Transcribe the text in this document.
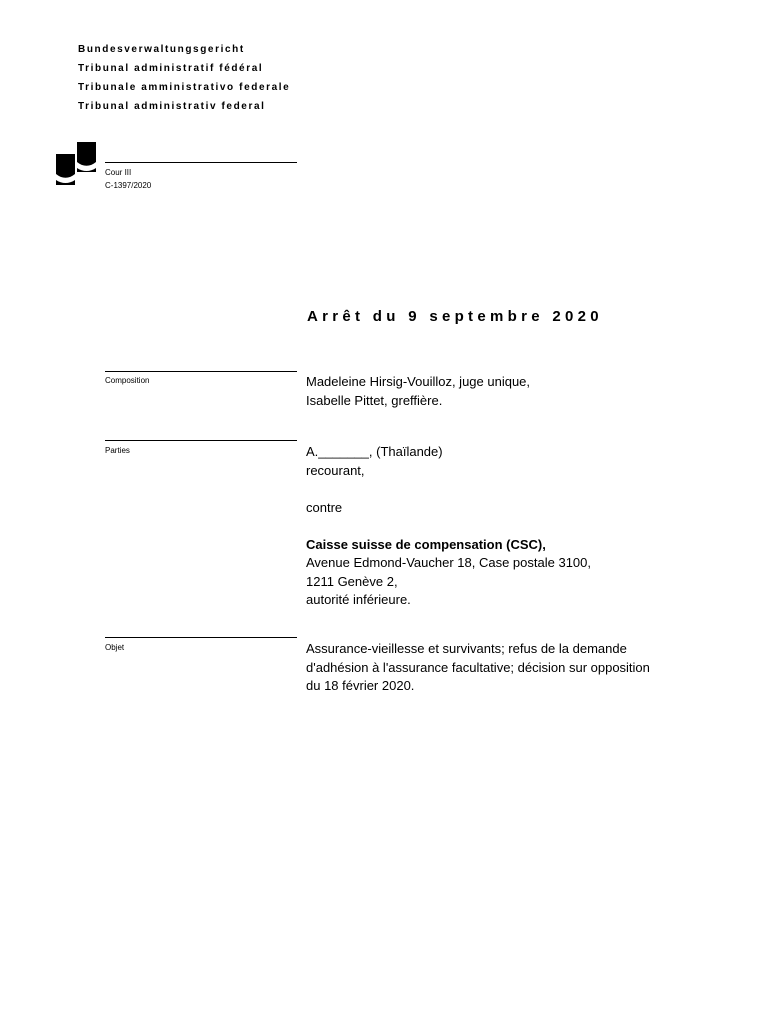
Bundesverwaltungsgericht
Tribunal administratif fédéral
Tribunale amministrativo federale
Tribunal administrativ federal
Cour III
C-1397/2020
Arrêt du 9 septembre 2020
Composition	Madeleine Hirsig-Vouilloz, juge unique,
Isabelle Pittet, greffière.
Parties	A._______, (Thaïlande)
recourant,
contre
Caisse suisse de compensation (CSC),
Avenue Edmond-Vaucher 18, Case postale 3100,
1211 Genève 2,
autorité inférieure.
Objet	Assurance-vieillesse et survivants; refus de la demande
d'adhésion à l'assurance facultative; décision sur opposition
du 18 février 2020.
